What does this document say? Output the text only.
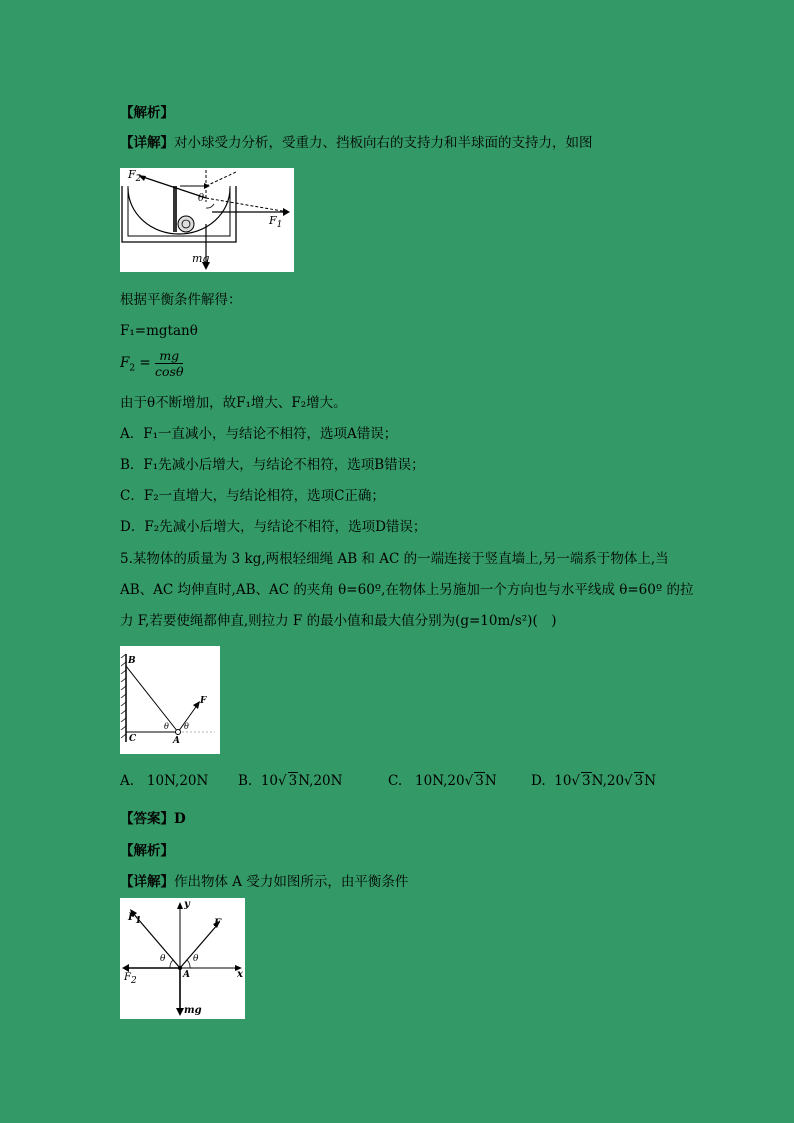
【解析】
【详解】对小球受力分析，受重力、挡板向右的支持力和半球面的支持力，如图
$F_2$
$F_1$
θ
mg
根据平衡条件解得：
F₁=mgtanθ
$F_2 = \frac{mg}{\cos\theta}$
由于θ不断增加，故F₁增大、F₂增大。
A．F₁一直减小，与结论不相符，选项A错误；
B．F₁先减小后增大，与结论不相符，选项B错误；
C．F₂一直增大，与结论相符，选项C正确；
D．F₂先减小后增大，与结论不相符，选项D错误；
5.某物体的质量为 3 kg,两根轻细绳 AB 和 AC 的一端连接于竖直墙上,另一端系于物体上,当
AB、AC 均伸直时,AB、AC 的夹角 θ=60º,在物体上另施加一个方向也与水平线成 θ=60º 的拉
力 F,若要使绳都伸直,则拉力 F 的最小值和最大值分别为(g=10m/s²)(　)
B
C	A
F
θ θ
A. 10N,20N B. 10√ 3N,20N	C. 10N,20√ 3N	D. 10√ 3N,20√ 3N
【答案】D
【解析】
【详解】作出物体 A 受力如图所示，由平衡条件
$F_1$
y
F
θ	θ
A	x
$F_2$
mg
